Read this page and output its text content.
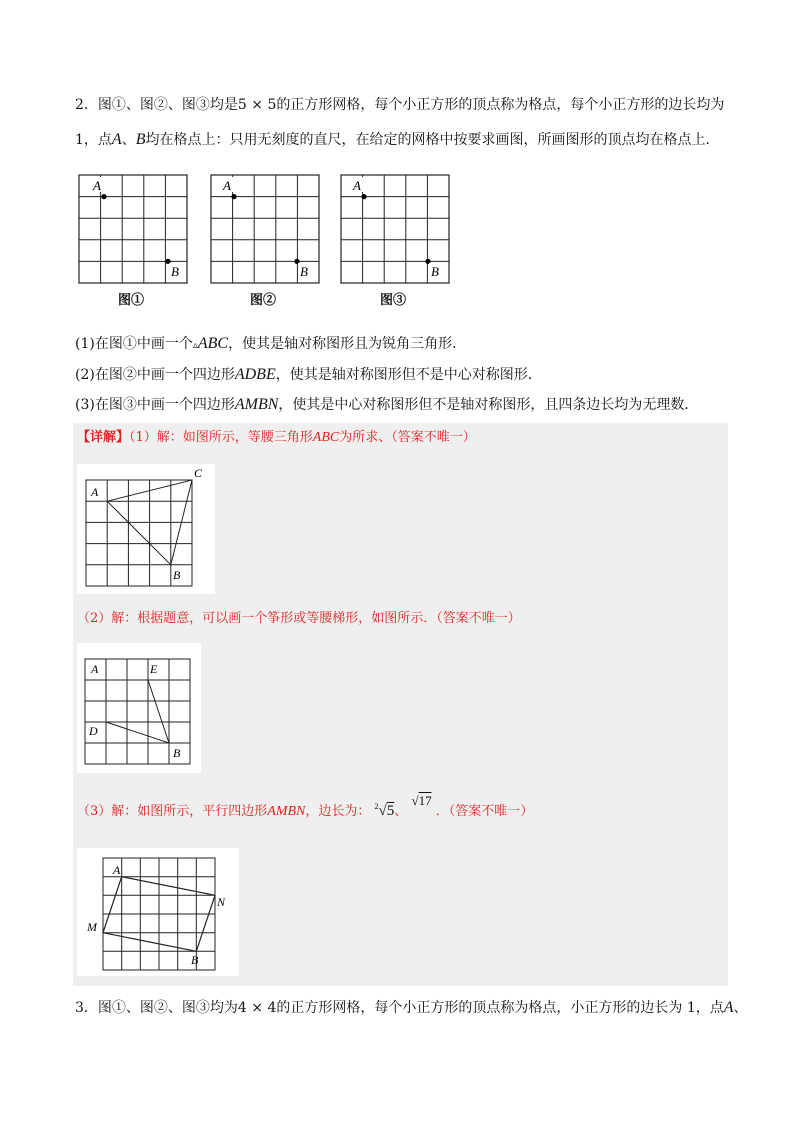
2．图①、图②、图③均是5 × 5的正方形网格，每个小正方形的顶点称为格点，每个小正方形的边长均为
1，点A、B均在格点上：只用无刻度的直尺，在给定的网格中按要求画图，所画图形的顶点均在格点上．
A
B
图①
A
B
图②
A
B
图③
(1)在图①中画一个▵ABC，使其是轴对称图形且为锐角三角形．
(2)在图②中画一个四边形ADBE，使其是轴对称图形但不是中心对称图形．
(3)在图③中画一个四边形AMBN，使其是中心对称图形但不是轴对称图形，且四条边长均为无理数．
【详解】（1）解：如图所示，等腰三角形ABC为所求、（答案不唯一）
A
B
C
（2）解：根据题意，可以画一个筝形或等腰梯形，如图所示．（答案不唯一）
A	E
D
B
（3）解：如图所示，平行四边形AMBN，边长为： $^2$√5、 √17 ．（答案不唯一）
A
N
M
B
3．图①、图②、图③均为4 × 4的正方形网格，每个小正方形的顶点称为格点，小正方形的边长为 1，点A、
